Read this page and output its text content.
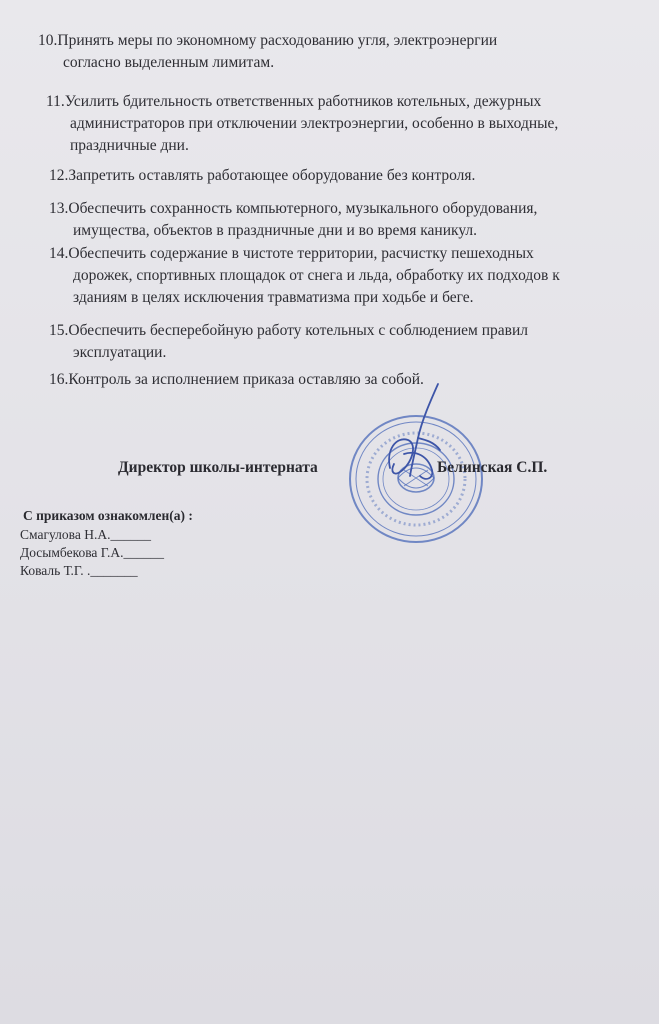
10.Принять меры по экономному расходованию угля, электроэнергии
согласно выделенным лимитам.
11.Усилить бдительность ответственных работников котельных, дежурных
администраторов при отключении электроэнергии, особенно в выходные,
праздничные дни.
12.Запретить оставлять работающее оборудование без контроля.
13.Обеспечить сохранность компьютерного, музыкального оборудования,
имущества, объектов в праздничные дни и во время каникул.
14.Обеспечить содержание в чистоте территории, расчистку пешеходных
дорожек, спортивных площадок от снега и льда, обработку их подходов к
зданиям в целях исключения травматизма при ходьбе и беге.
15.Обеспечить бесперебойную работу котельных с соблюдением правил
эксплуатации.
16.Контроль за исполнением приказа оставляю за собой.
Директор школы-интерната	Белинская С.П.
С приказом ознакомлен(а) :
Смагулова Н.А.______
Досымбекова Г.А.______
Коваль Т.Г. ._______
